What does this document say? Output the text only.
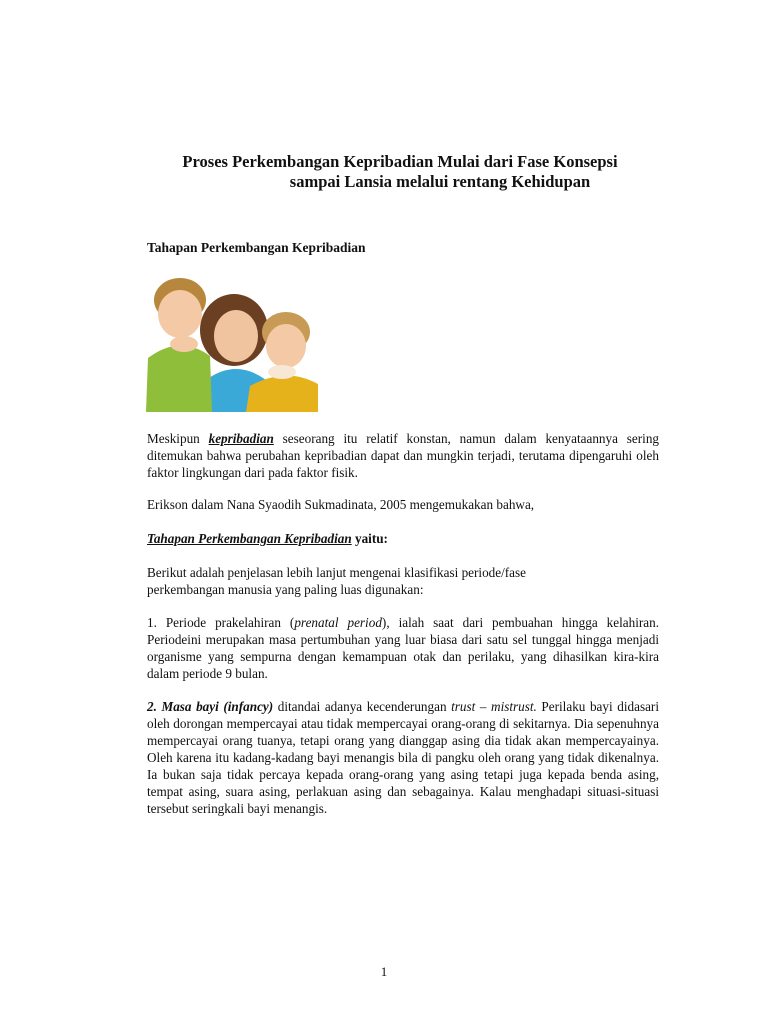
Proses Perkembangan Kepribadian Mulai dari Fase Konsepsi
sampai Lansia melalui rentang Kehidupan
Tahapan Perkembangan Kepribadian

Meskipun kepribadian seseorang itu relatif konstan, namun dalam kenyataannya sering ditemukan bahwa perubahan kepribadian dapat dan mungkin terjadi, terutama dipengaruhi oleh faktor lingkungan dari pada faktor fisik.

Erikson dalam Nana Syaodih Sukmadinata, 2005 mengemukakan bahwa,

Tahapan Perkembangan Kepribadian yaitu:

Berikut adalah penjelasan lebih lanjut mengenai klasifikasi periode/fase
perkembangan manusia yang paling luas digunakan:

1. Periode prakelahiran (prenatal period), ialah saat dari pembuahan hingga kelahiran. Periodeini merupakan masa pertumbuhan yang luar biasa dari satu sel tunggal hingga menjadi organisme yang sempurna dengan kemampuan otak dan perilaku, yang dihasilkan kira-kira dalam periode 9 bulan.

2. Masa bayi (infancy) ditandai adanya kecenderungan trust – mistrust. Perilaku bayi didasari oleh dorongan mempercayai atau tidak mempercayai orang-orang di sekitarnya. Dia sepenuhnya mempercayai orang tuanya, tetapi orang yang dianggap asing dia tidak akan mempercayainya. Oleh karena itu kadang-kadang bayi menangis bila di pangku oleh orang yang tidak dikenalnya. Ia bukan saja tidak percaya kepada orang-orang yang asing tetapi juga kepada benda asing, tempat asing, suara asing, perlakuan asing dan sebagainya. Kalau menghadapi situasi-situasi tersebut seringkali bayi menangis.

1
